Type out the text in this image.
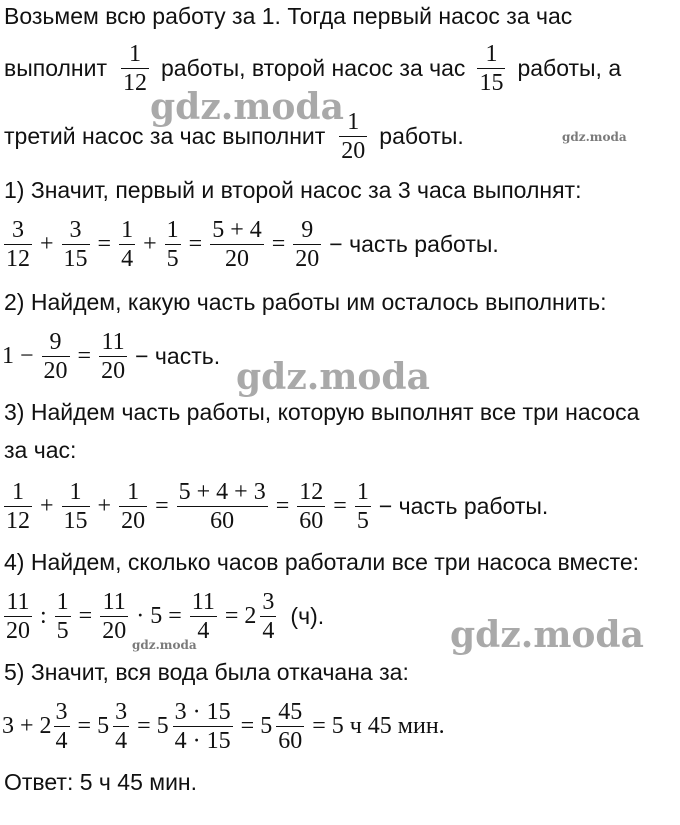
Возьмем всю работу за 1. Тогда первый насос за час
выполнит $\frac{1}{12}$ работы, второй насос за час $\frac{1}{15}$ работы, а
третий насос за час выполнит $\frac{1}{20}$ работы.
1) Значит, первый и второй насос за 3 часа выполнят:
$\frac{3}{12} + \frac{3}{15} = \frac{1}{4} + \frac{1}{5} = \frac{5 + 4}{20} = \frac{9}{20}$ − часть работы.
2) Найдем, какую часть работы им осталось выполнить:
$1 - \frac{9}{20} = \frac{11}{20}$ − часть.
3) Найдем часть работы, которую выполнят все три насоса
за час:
$\frac{1}{12} + \frac{1}{15} + \frac{1}{20} = \frac{5 + 4 + 3}{60} = \frac{12}{60} = \frac{1}{5}$ − часть работы.
4) Найдем, сколько часов работали все три насоса вместе:
$\frac{11}{20}$ : $\frac{1}{5} = \frac{11}{20} \cdot 5 = \frac{11}{4} = 2 \frac{3}{4} (ч)$.
5) Значит, вся вода была откачана за:
$3 + 2 \frac{3}{4} = 5 \frac{3}{4} = 5 \frac{3 \cdot 15}{4 \cdot 15} = 5 \frac{45}{60} = 5$ ч 45 мин.
Ответ: 5 ч 45 мин.
gdz.moda
gdz.moda
gdz.moda
gdz.moda
gdz.moda
